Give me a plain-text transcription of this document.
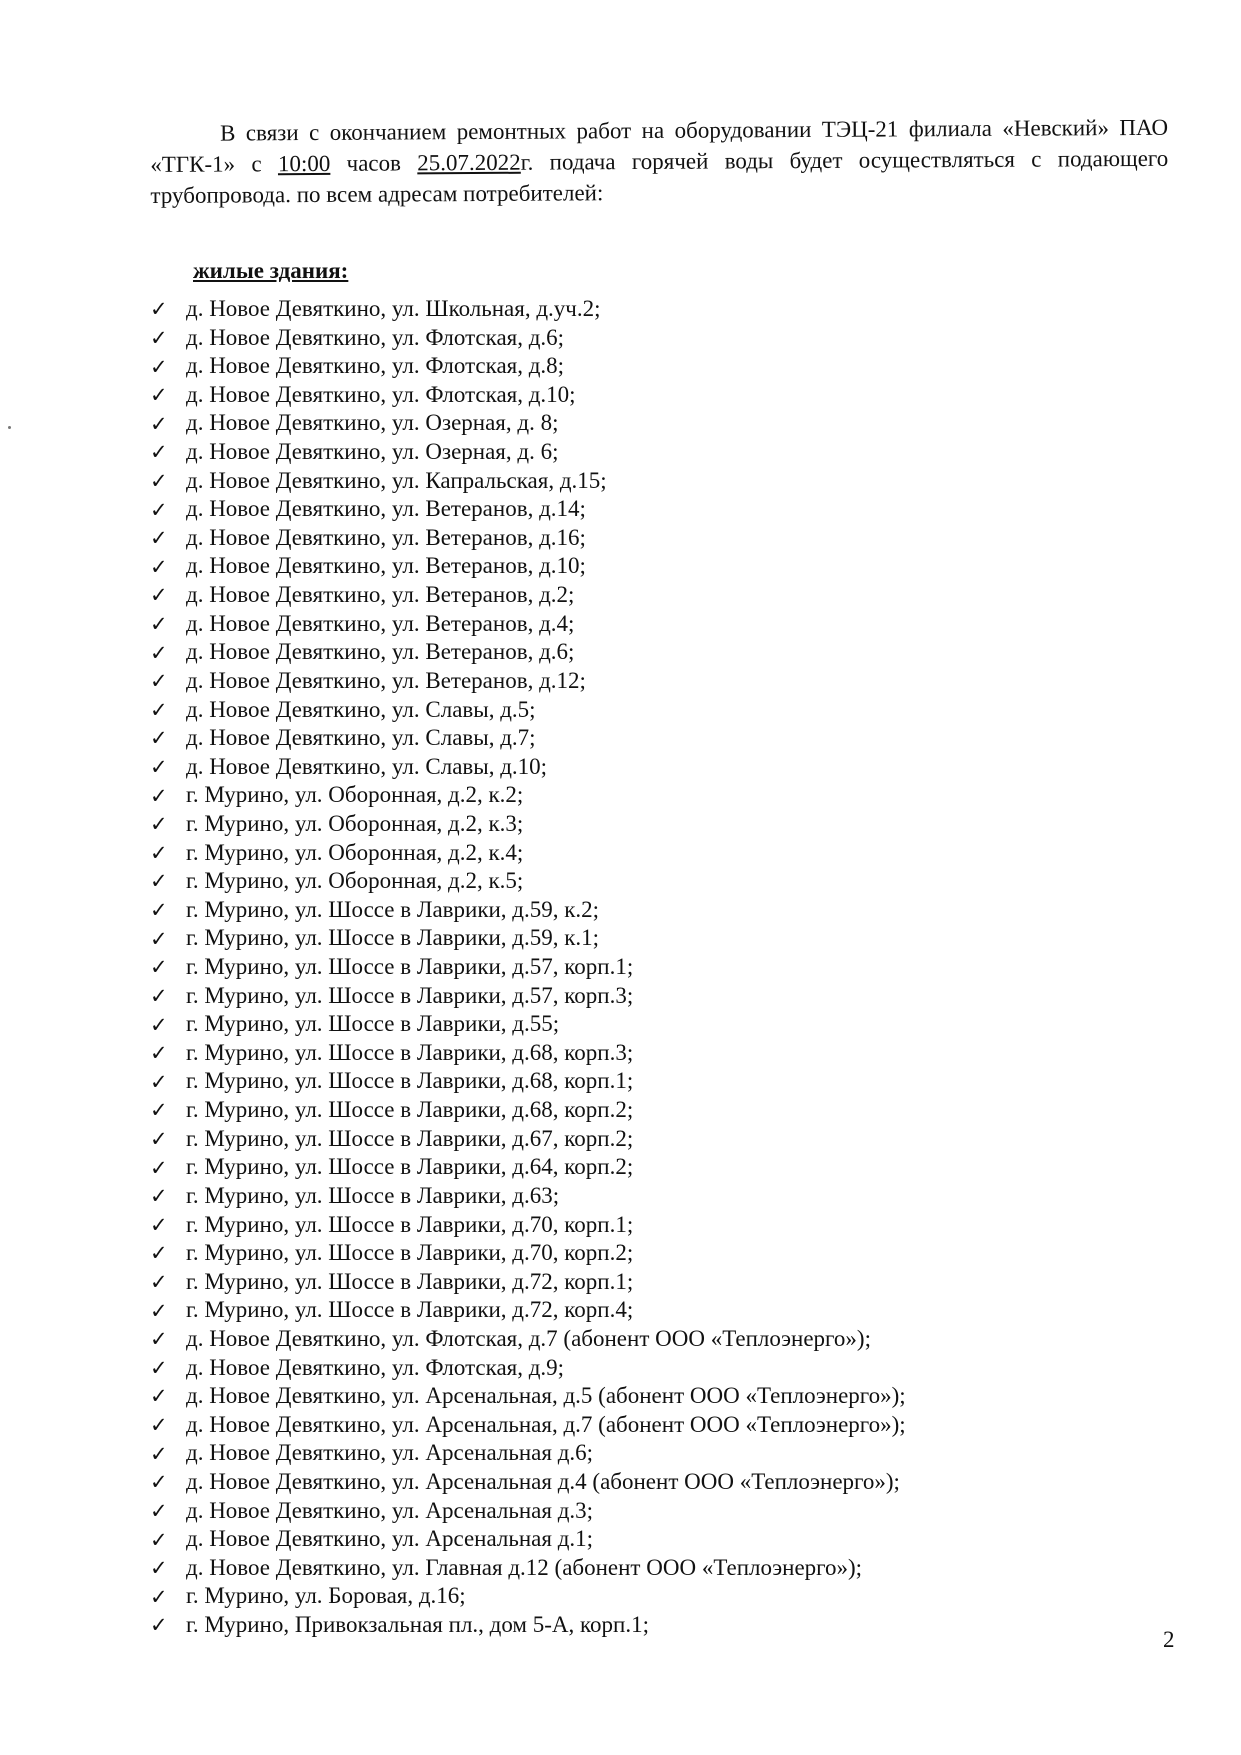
В связи с окончанием ремонтных работ на оборудовании ТЭЦ-21 филиала «Невский» ПАО «ТГК-1» с 10:00 часов 25.07.2022г. подача горячей воды будет осуществляться с подающего трубопровода. по всем адресам потребителей:

жилые здания:
✓ д. Новое Девяткино, ул. Школьная, д.уч.2;
✓ д. Новое Девяткино, ул. Флотская, д.6;
✓ д. Новое Девяткино, ул. Флотская, д.8;
✓ д. Новое Девяткино, ул. Флотская, д.10;
✓ д. Новое Девяткино, ул. Озерная, д. 8;
✓ д. Новое Девяткино, ул. Озерная, д. 6;
✓ д. Новое Девяткино, ул. Капральская, д.15;
✓ д. Новое Девяткино, ул. Ветеранов, д.14;
✓ д. Новое Девяткино, ул. Ветеранов, д.16;
✓ д. Новое Девяткино, ул. Ветеранов, д.10;
✓ д. Новое Девяткино, ул. Ветеранов, д.2;
✓ д. Новое Девяткино, ул. Ветеранов, д.4;
✓ д. Новое Девяткино, ул. Ветеранов, д.6;
✓ д. Новое Девяткино, ул. Ветеранов, д.12;
✓ д. Новое Девяткино, ул. Славы, д.5;
✓ д. Новое Девяткино, ул. Славы, д.7;
✓ д. Новое Девяткино, ул. Славы, д.10;
✓ г. Мурино, ул. Оборонная, д.2, к.2;
✓ г. Мурино, ул. Оборонная, д.2, к.3;
✓ г. Мурино, ул. Оборонная, д.2, к.4;
✓ г. Мурино, ул. Оборонная, д.2, к.5;
✓ г. Мурино, ул. Шоссе в Лаврики, д.59, к.2;
✓ г. Мурино, ул. Шоссе в Лаврики, д.59, к.1;
✓ г. Мурино, ул. Шоссе в Лаврики, д.57, корп.1;
✓ г. Мурино, ул. Шоссе в Лаврики, д.57, корп.3;
✓ г. Мурино, ул. Шоссе в Лаврики, д.55;
✓ г. Мурино, ул. Шоссе в Лаврики, д.68, корп.3;
✓ г. Мурино, ул. Шоссе в Лаврики, д.68, корп.1;
✓ г. Мурино, ул. Шоссе в Лаврики, д.68, корп.2;
✓ г. Мурино, ул. Шоссе в Лаврики, д.67, корп.2;
✓ г. Мурино, ул. Шоссе в Лаврики, д.64, корп.2;
✓ г. Мурино, ул. Шоссе в Лаврики, д.63;
✓ г. Мурино, ул. Шоссе в Лаврики, д.70, корп.1;
✓ г. Мурино, ул. Шоссе в Лаврики, д.70, корп.2;
✓ г. Мурино, ул. Шоссе в Лаврики, д.72, корп.1;
✓ г. Мурино, ул. Шоссе в Лаврики, д.72, корп.4;
✓ д. Новое Девяткино, ул. Флотская, д.7 (абонент ООО «Теплоэнерго»);
✓ д. Новое Девяткино, ул. Флотская, д.9;
✓ д. Новое Девяткино, ул. Арсенальная, д.5 (абонент ООО «Теплоэнерго»);
✓ д. Новое Девяткино, ул. Арсенальная, д.7 (абонент ООО «Теплоэнерго»);
✓ д. Новое Девяткино, ул. Арсенальная д.6;
✓ д. Новое Девяткино, ул. Арсенальная д.4 (абонент ООО «Теплоэнерго»);
✓ д. Новое Девяткино, ул. Арсенальная д.3;
✓ д. Новое Девяткино, ул. Арсенальная д.1;
✓ д. Новое Девяткино, ул. Главная д.12 (абонент ООО «Теплоэнерго»);
✓ г. Мурино, ул. Боровая, д.16;
✓ г. Мурино, Привокзальная пл., дом 5-А, корп.1;
2
